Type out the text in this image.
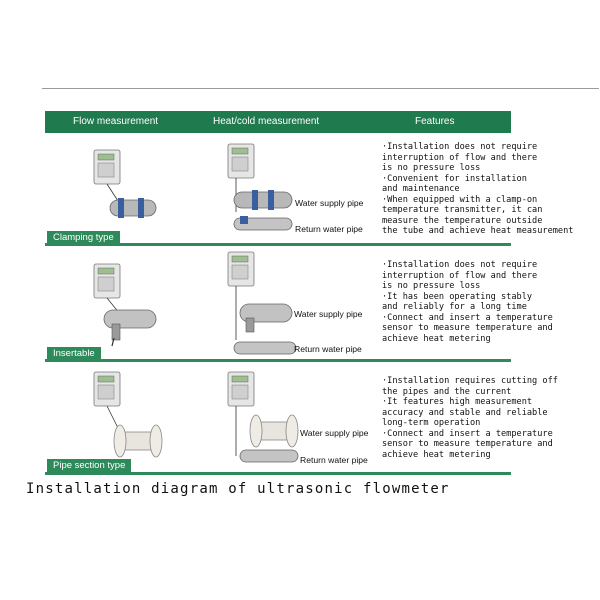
Flow measurement	Heat/cold measurement	Features
Water supply pipe
Return water pipe
·Installation does not require
interruption of flow and there
is no pressure loss
·Convenient for installation
and maintenance
·When equipped with a clamp-on
temperature transmitter, it can
measure the temperature outside
the tube and achieve heat measurement
Clamping type
Water supply pipe
Return water pipe
·Installation does not require
interruption of flow and there
is no pressure loss
·It has been operating stably
and reliably for a long time
·Connect and insert a temperature
sensor to measure temperature and
achieve heat metering
Insertable
Water supply pipe
Return water pipe
·Installation requires cutting off
the pipes and the current
·It features high measurement
accuracy and stable and reliable
long-term operation
·Connect and insert a temperature
sensor to measure temperature and
achieve heat metering
Pipe section type
Installation diagram of ultrasonic flowmeter
